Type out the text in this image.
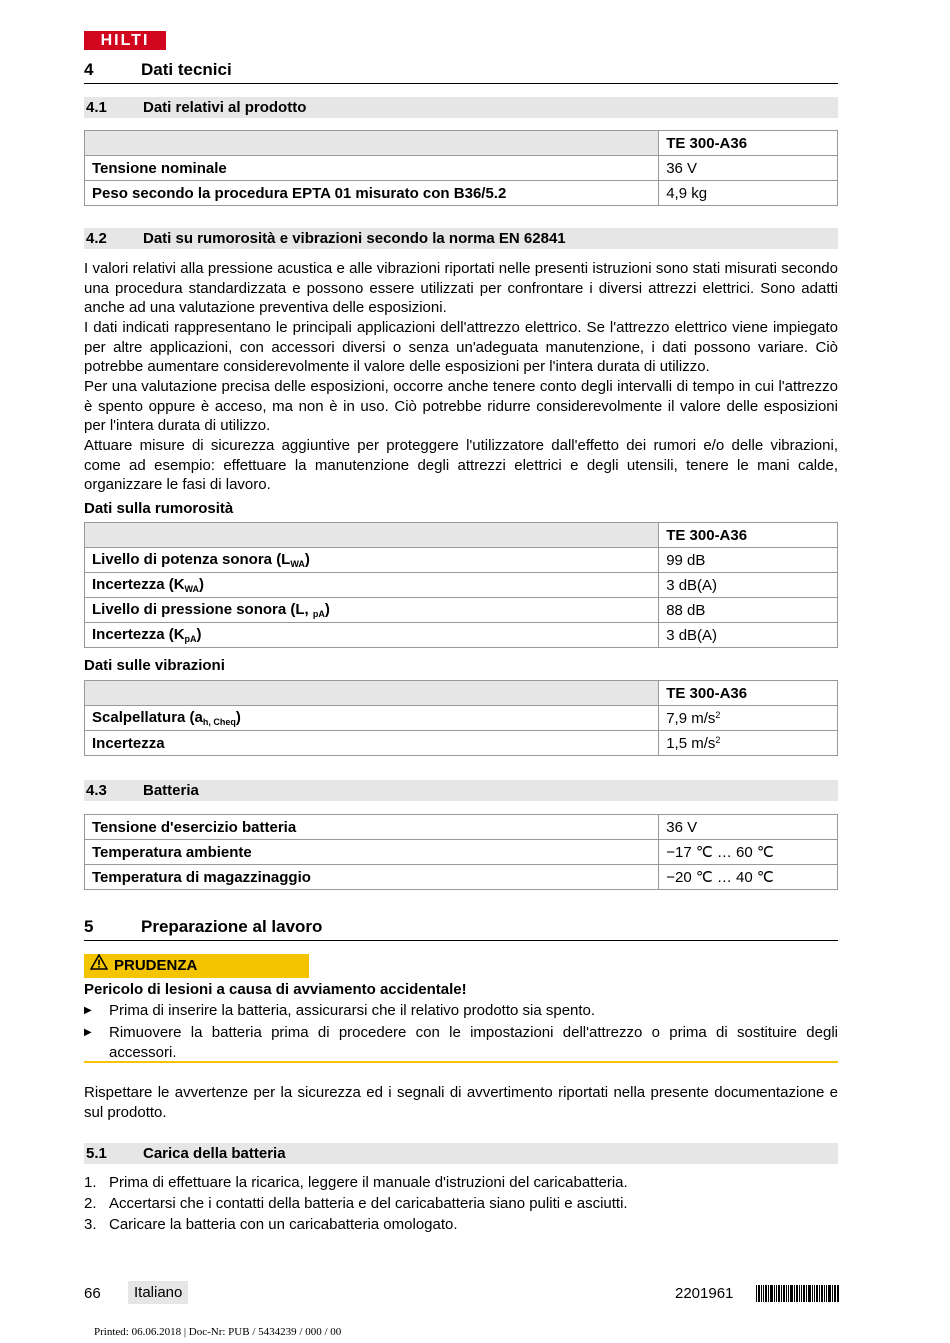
HILTI
4	Dati tecnici
4.1 Dati relativi al prodotto
	TE 300-A36
Tensione nominale	36 V
Peso secondo la procedura EPTA 01 misurato con B36/5.2	4,9 kg
4.2 Dati su rumorosità e vibrazioni secondo la norma EN 62841
I valori relativi alla pressione acustica e alle vibrazioni riportati nelle presenti istruzioni sono stati misurati secondo una procedura standardizzata e possono essere utilizzati per confrontare i diversi attrezzi elettrici. Sono adatti anche ad una valutazione preventiva delle esposizioni.
I dati indicati rappresentano le principali applicazioni dell'attrezzo elettrico. Se l'attrezzo elettrico viene impiegato per altre applicazioni, con accessori diversi o senza un'adeguata manutenzione, i dati possono variare. Ciò potrebbe aumentare considerevolmente il valore delle esposizioni per l'intera durata di utilizzo.
Per una valutazione precisa delle esposizioni, occorre anche tenere conto degli intervalli di tempo in cui l'attrezzo è spento oppure è acceso, ma non è in uso. Ciò potrebbe ridurre considerevolmente il valore delle esposizioni per l'intera durata di utilizzo.
Attuare misure di sicurezza aggiuntive per proteggere l'utilizzatore dall'effetto dei rumori e/o delle vibrazioni, come ad esempio: effettuare la manutenzione degli attrezzi elettrici e degli utensili, tenere le mani calde, organizzare le fasi di lavoro.
Dati sulla rumorosità
	TE 300-A36
Livello di potenza sonora $(L_{WA})$	99 dB
Incertezza $(K_{WA})$	3 dB(A)
Livello di pressione sonora (L, $_{pA}$)	88 dB
Incertezza $(K_{pA})$	3 dB(A)
Dati sulle vibrazioni
	TE 300-A36
Scalpellatura $(a_{h, Cheq})$	7,9 $m/s^2$
Incertezza	1,5 $m/s^2$
4.3 Batteria
Tensione d'esercizio batteria	36 V
Temperatura ambiente	−17 ℃ … 60 ℃
Temperatura di magazzinaggio	−20 ℃ … 40 ℃
5	Preparazione al lavoro
PRUDENZA
Pericolo di lesioni a causa di avviamento accidentale!
▶ Prima di inserire la batteria, assicurarsi che il relativo prodotto sia spento.
▶ Rimuovere la batteria prima di procedere con le impostazioni dell'attrezzo o prima di sostituire degli accessori.
Rispettare le avvertenze per la sicurezza ed i segnali di avvertimento riportati nella presente documentazione e sul prodotto.
5.1 Carica della batteria
1. Prima di effettuare la ricarica, leggere il manuale d'istruzioni del caricabatteria.
2. Accertarsi che i contatti della batteria e del caricabatteria siano puliti e asciutti.
3. Caricare la batteria con un caricabatteria omologato.
66	Italiano	2201961
Printed: 06.06.2018 | Doc-Nr: PUB / 5434239 / 000 / 00
